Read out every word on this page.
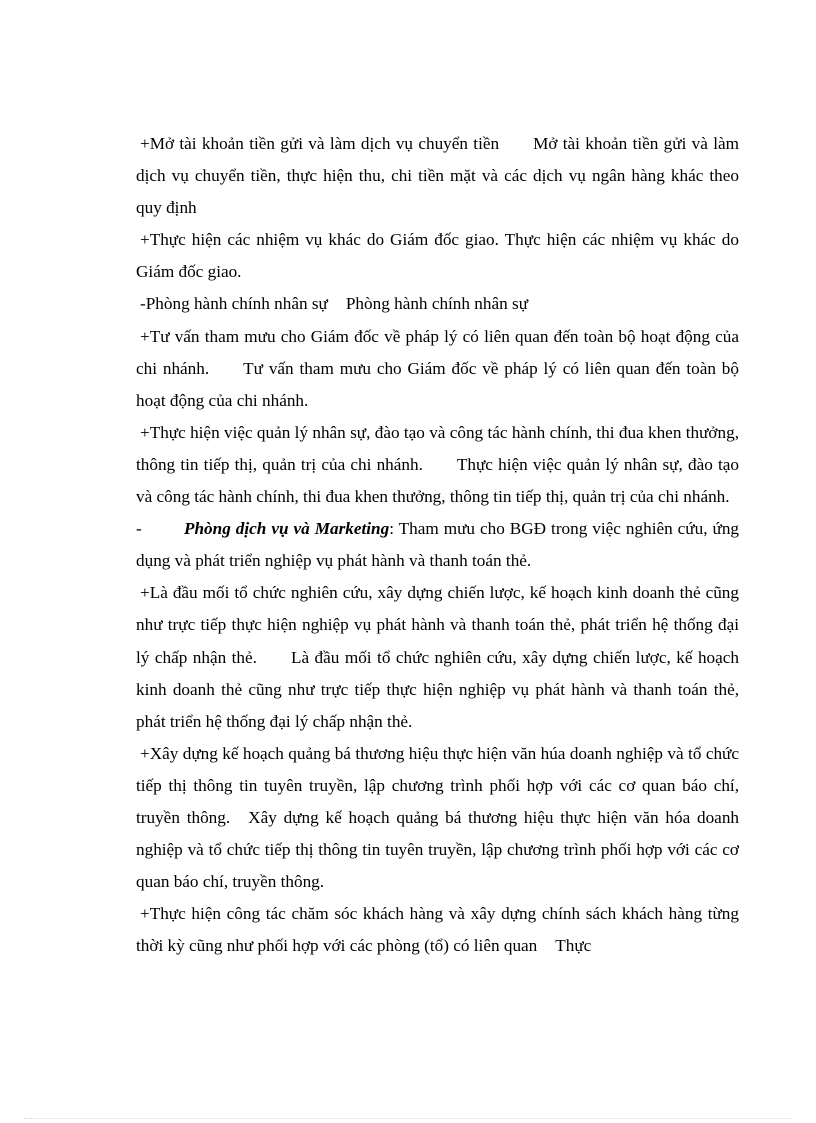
+Mở tài khoản tiền gửi và làm dịch vụ chuyển tiền Mở tài khoản tiền gửi và làm dịch vụ chuyển tiền, thực hiện thu, chi tiền mặt và các dịch vụ ngân hàng khác theo quy định

+Thực hiện các nhiệm vụ khác do Giám đốc giao. Thực hiện các nhiệm vụ khác do Giám đốc giao.

-Phòng hành chính nhân sự Phòng hành chính nhân sự

+Tư vấn tham mưu cho Giám đốc về pháp lý có liên quan đến toàn bộ hoạt động của chi nhánh. Tư vấn tham mưu cho Giám đốc về pháp lý có liên quan đến toàn bộ hoạt động của chi nhánh.

+Thực hiện việc quản lý nhân sự, đào tạo và công tác hành chính, thi đua khen thưởng, thông tin tiếp thị, quản trị của chi nhánh. Thực hiện việc quản lý nhân sự, đào tạo và công tác hành chính, thi đua khen thưởng, thông tin tiếp thị, quản trị của chi nhánh.

- Phòng dịch vụ và Marketing: Tham mưu cho BGĐ trong việc nghiên cứu, ứng dụng và phát triển nghiệp vụ phát hành và thanh toán thẻ.

+Là đầu mối tổ chức nghiên cứu, xây dựng chiến lược, kế hoạch kinh doanh thẻ cũng như trực tiếp thực hiện nghiệp vụ phát hành và thanh toán thẻ, phát triển hệ thống đại lý chấp nhận thẻ. Là đầu mối tổ chức nghiên cứu, xây dựng chiến lược, kế hoạch kinh doanh thẻ cũng như trực tiếp thực hiện nghiệp vụ phát hành và thanh toán thẻ, phát triển hệ thống đại lý chấp nhận thẻ.

+Xây dựng kế hoạch quảng bá thương hiệu thực hiện văn húa doanh nghiệp và tổ chức tiếp thị thông tin tuyên truyền, lập chương trình phối hợp với các cơ quan báo chí, truyền thông. Xây dựng kế hoạch quảng bá thương hiệu thực hiện văn hóa doanh nghiệp và tổ chức tiếp thị thông tin tuyên truyền, lập chương trình phối hợp với các cơ quan báo chí, truyền thông.

+Thực hiện công tác chăm sóc khách hàng và xây dựng chính sách khách hàng từng thời kỳ cũng như phối hợp với các phòng (tổ) có liên quan Thực
